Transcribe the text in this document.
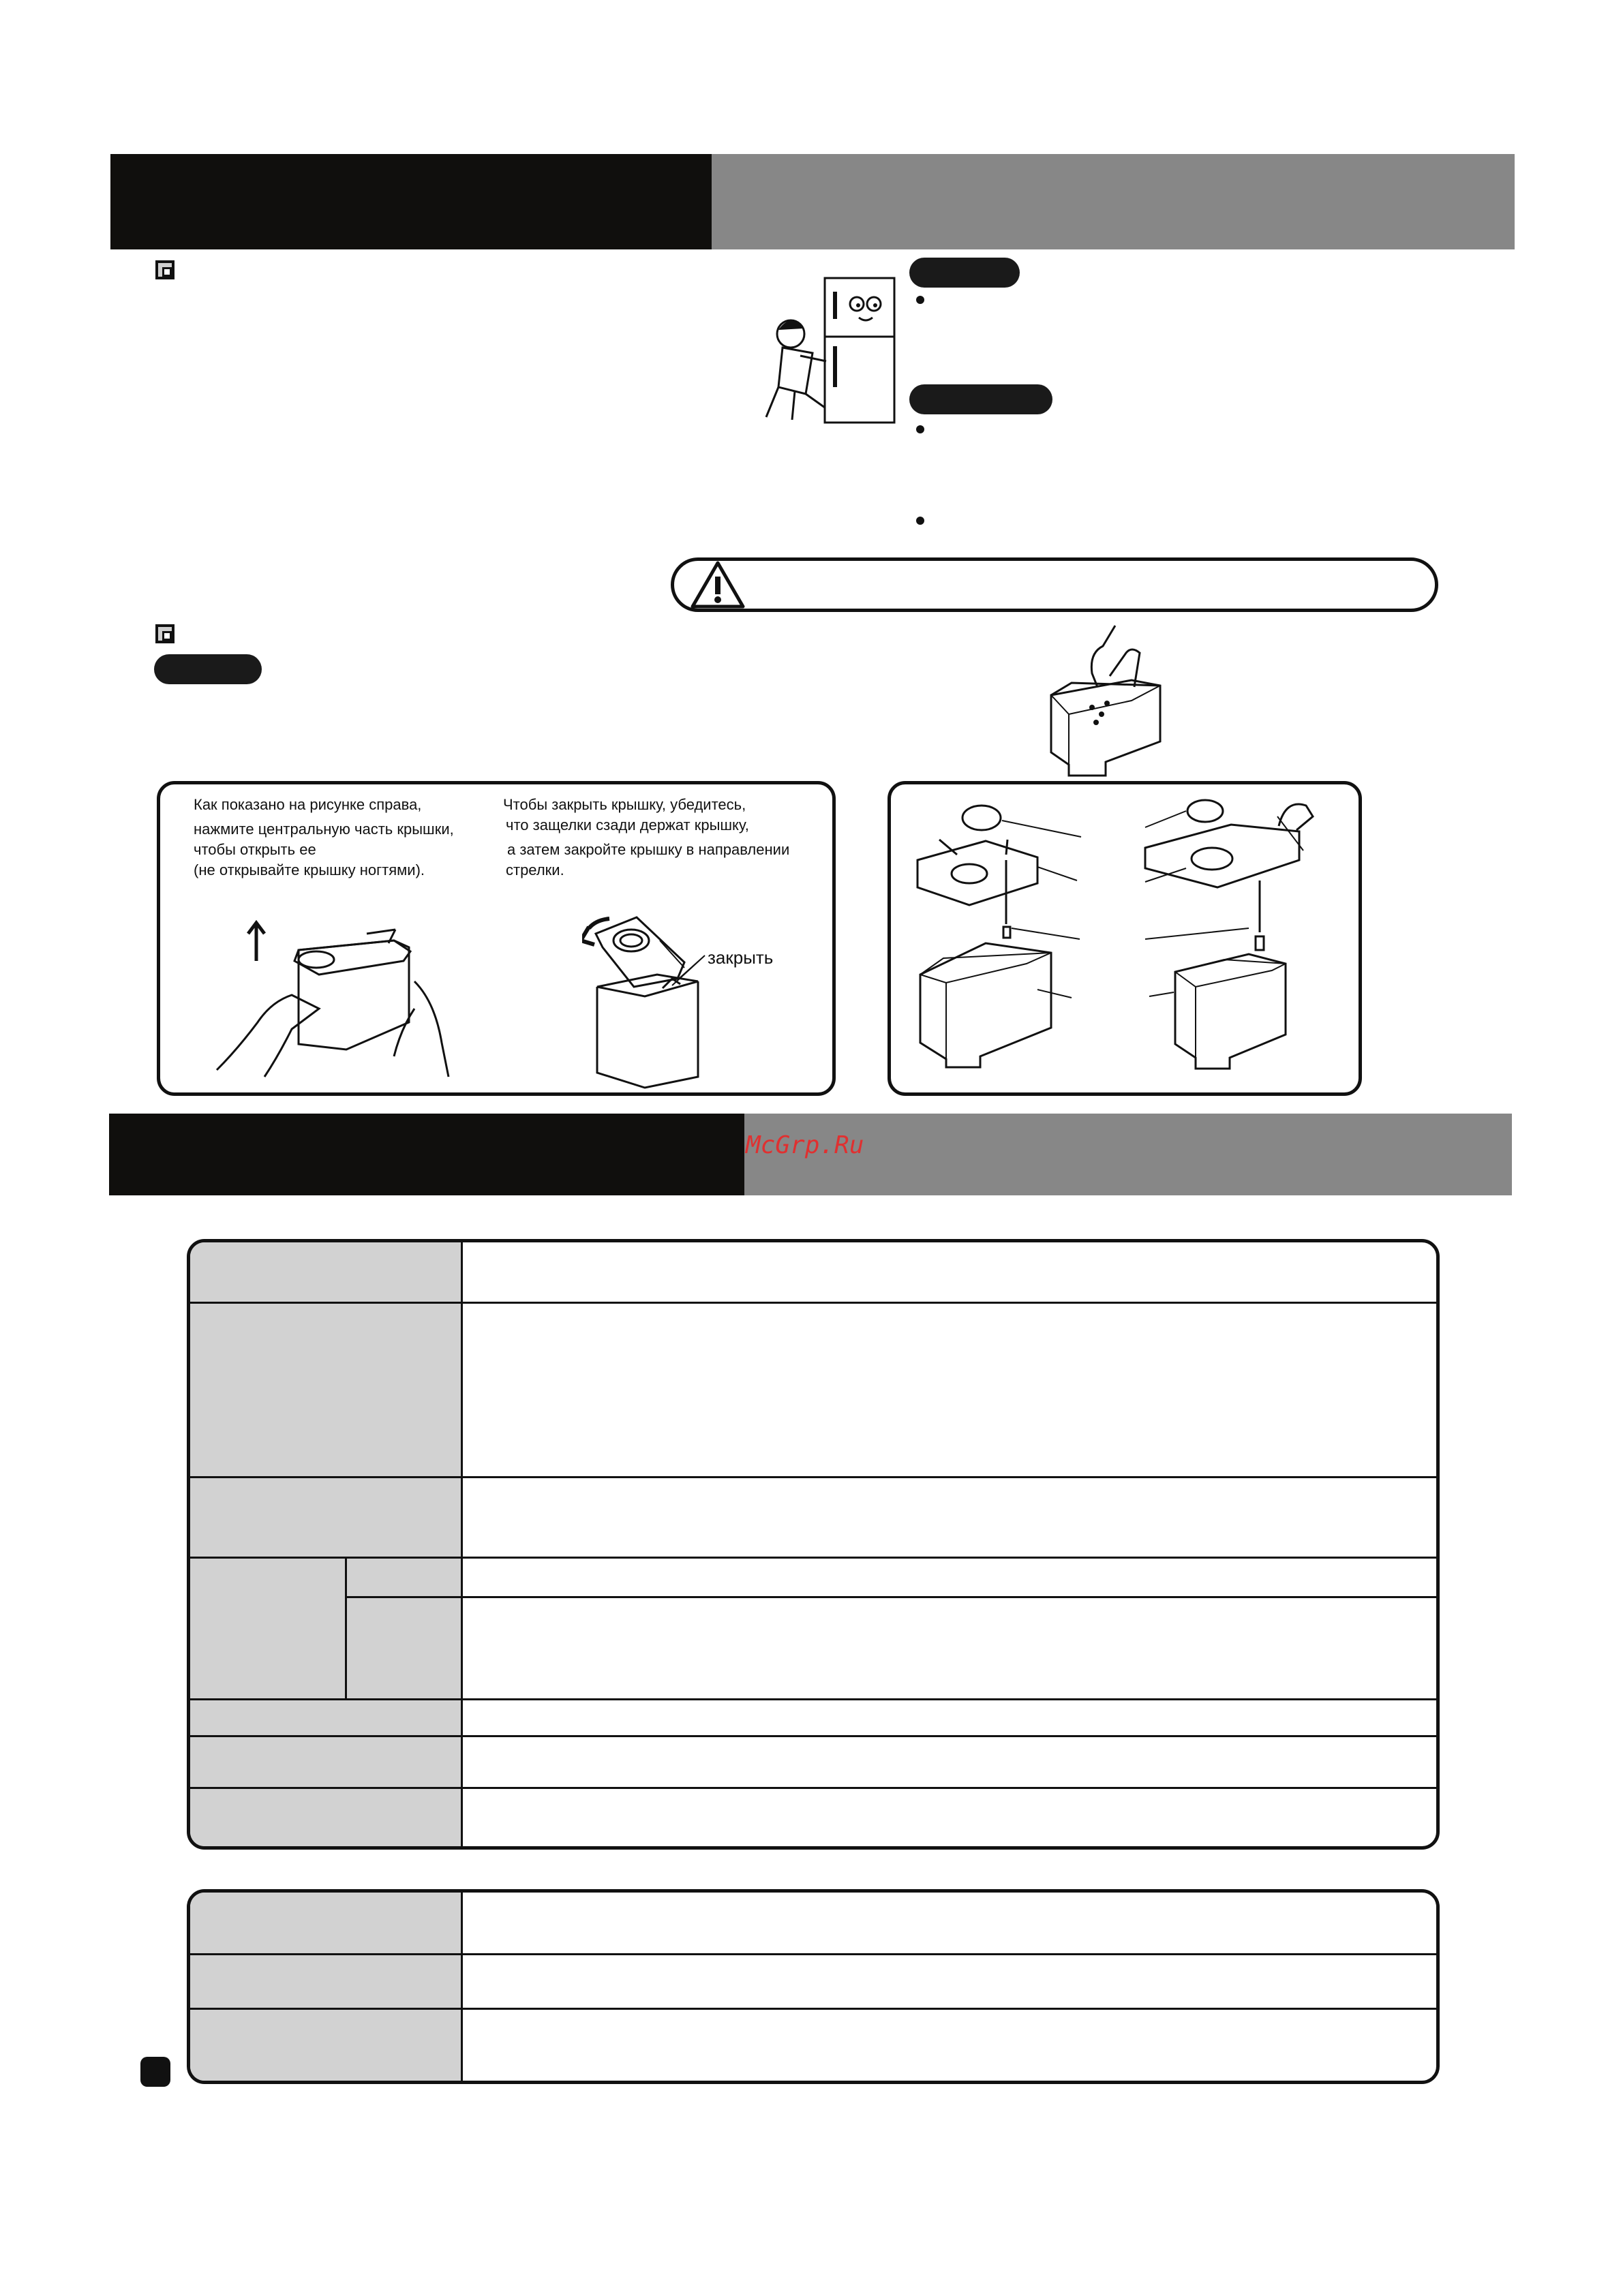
Как показано на рисунке справа,
нажмите центральную часть крышки,
чтобы открыть ее
(не открывайте крышку ногтями).
Чтобы закрыть крышку, убедитесь,
что защелки сзади держат крышку,
а затем закройте крышку в направлении
стрелки.
закрыть
McGrp.Ru
